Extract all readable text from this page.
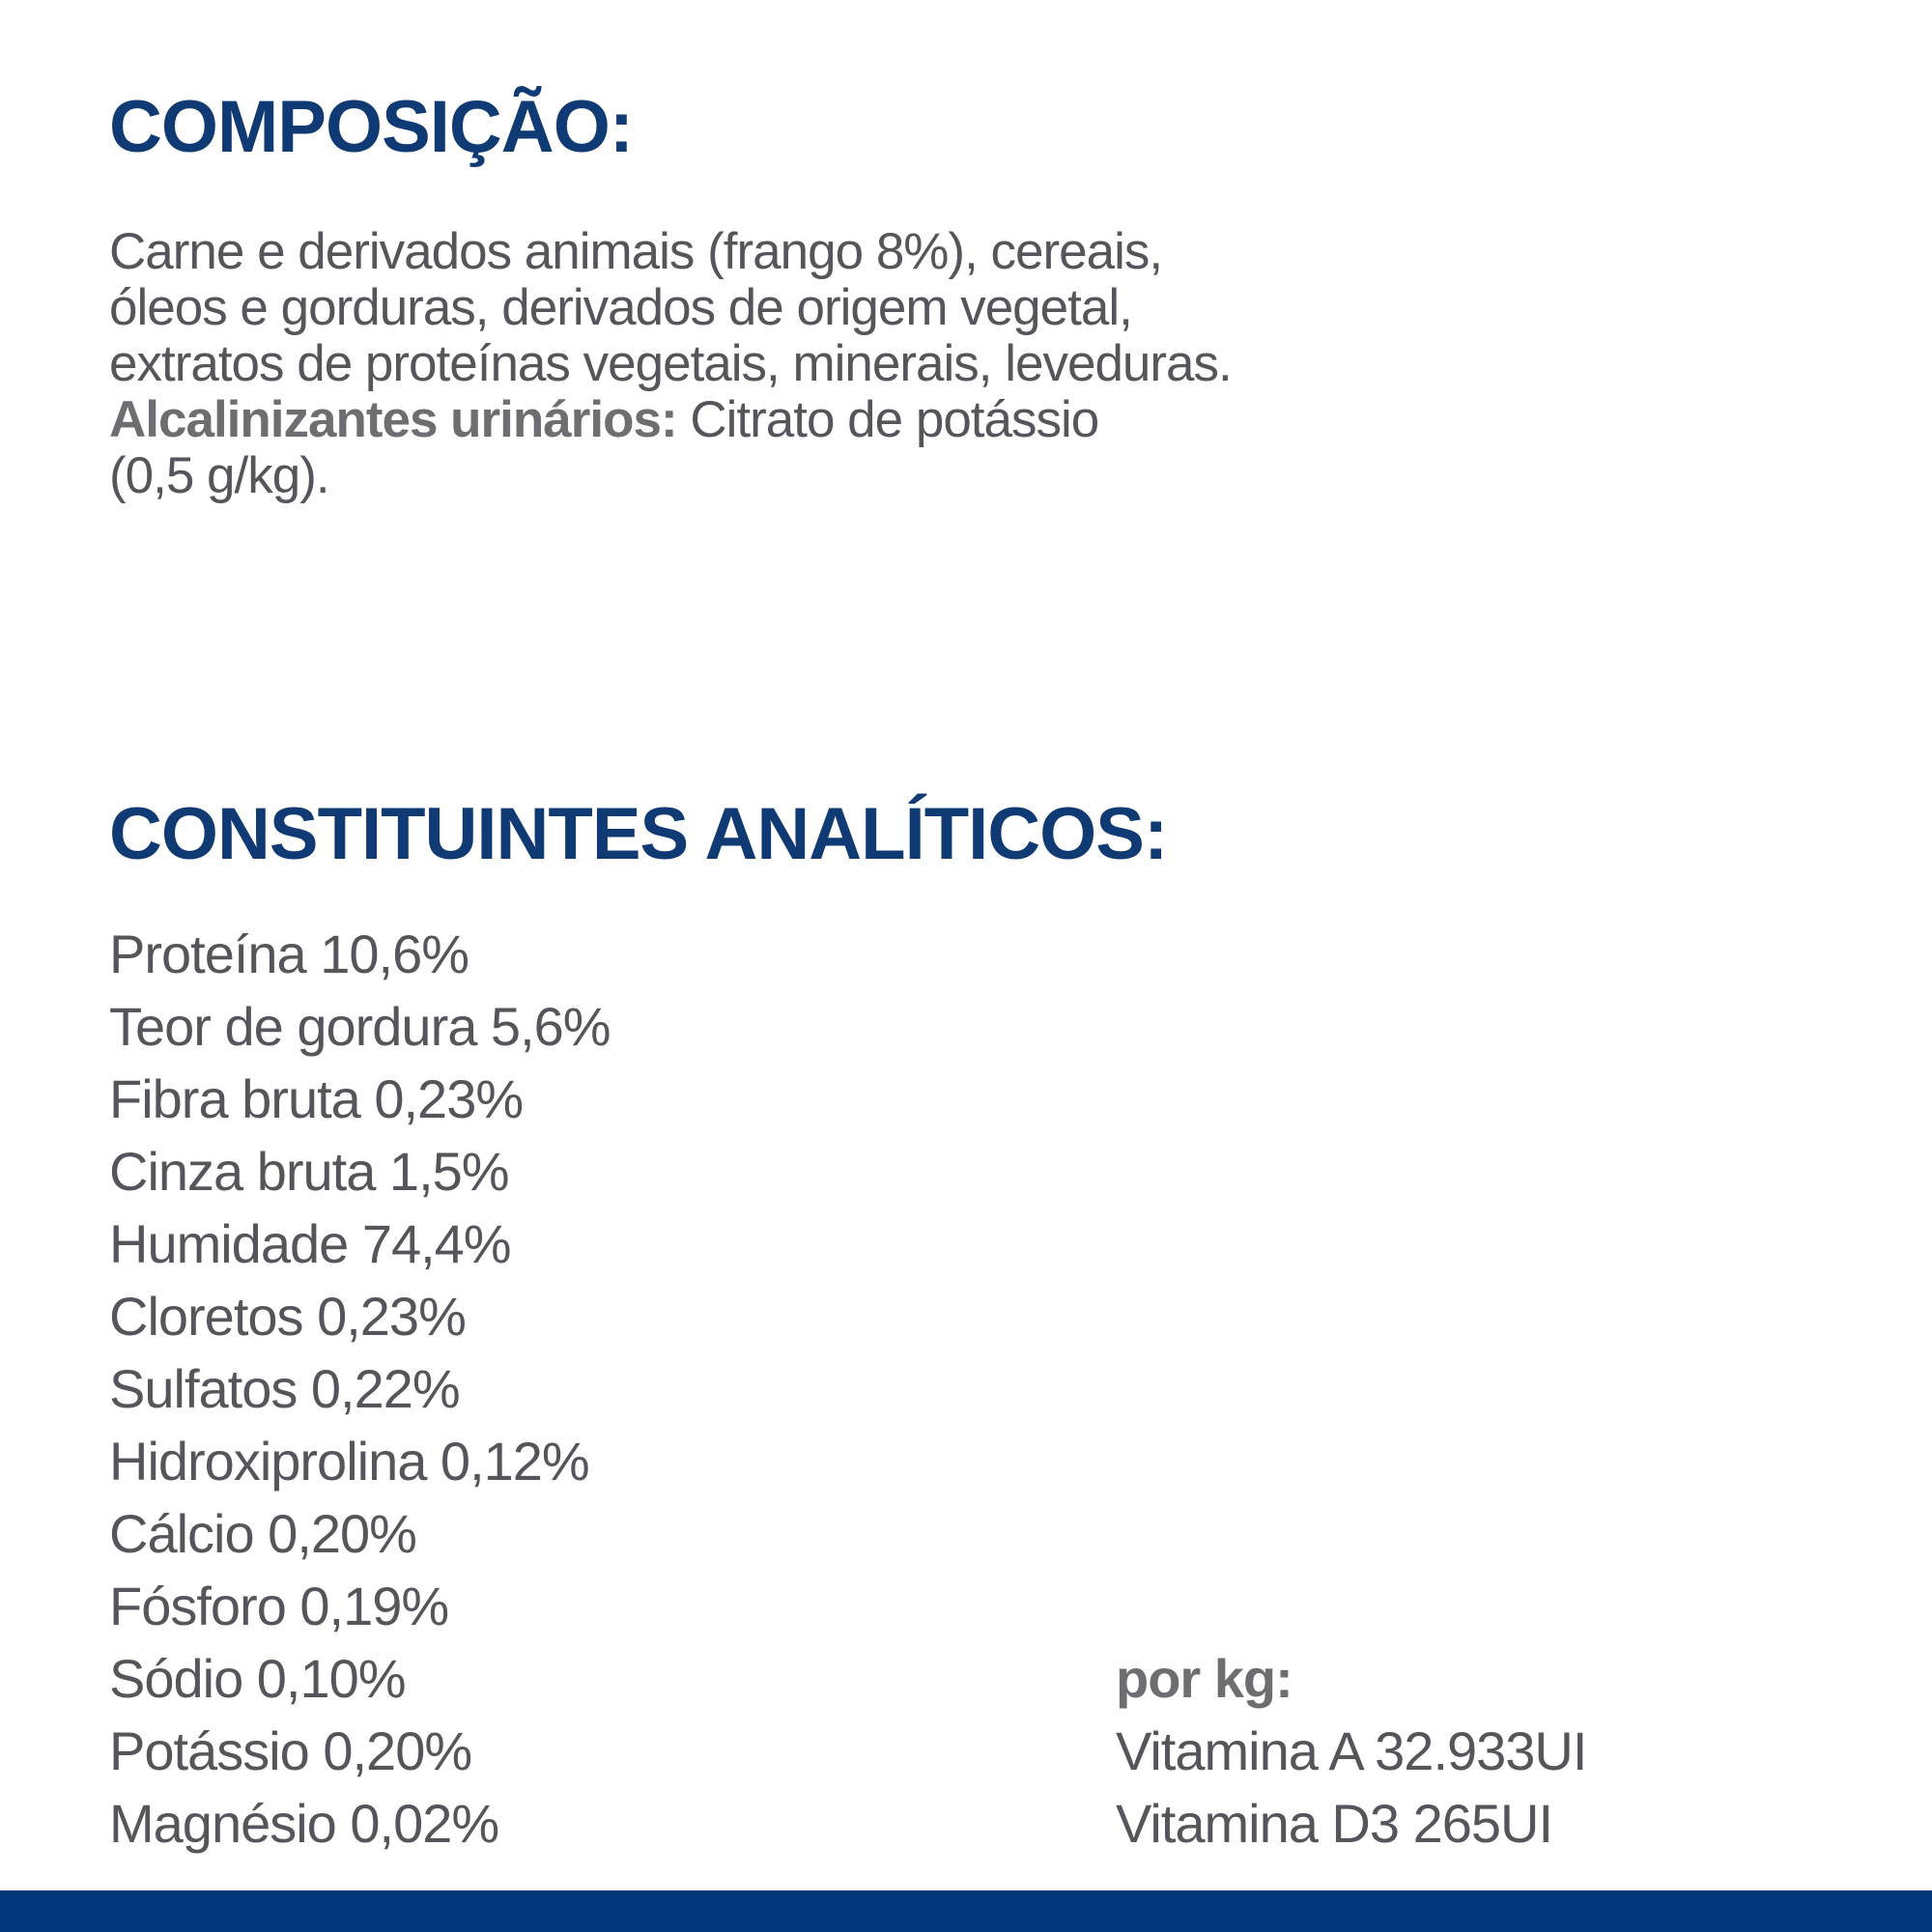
COMPOSIÇÃO:
Carne e derivados animais (frango 8%), cereais,
óleos e gorduras, derivados de origem vegetal,
extratos de proteínas vegetais, minerais, leveduras.
Alcalinizantes urinários: Citrato de potássio
(0,5 g/kg).
CONSTITUINTES ANALÍTICOS:
Proteína 10,6%
Teor de gordura 5,6%
Fibra bruta 0,23%
Cinza bruta 1,5%
Humidade 74,4%
Cloretos 0,23%
Sulfatos 0,22%
Hidroxiprolina 0,12%
Cálcio 0,20%
Fósforo 0,19%
Sódio 0,10%
Potássio 0,20%
Magnésio 0,02%
por kg:
Vitamina A 32.933UI
Vitamina D3 265UI
